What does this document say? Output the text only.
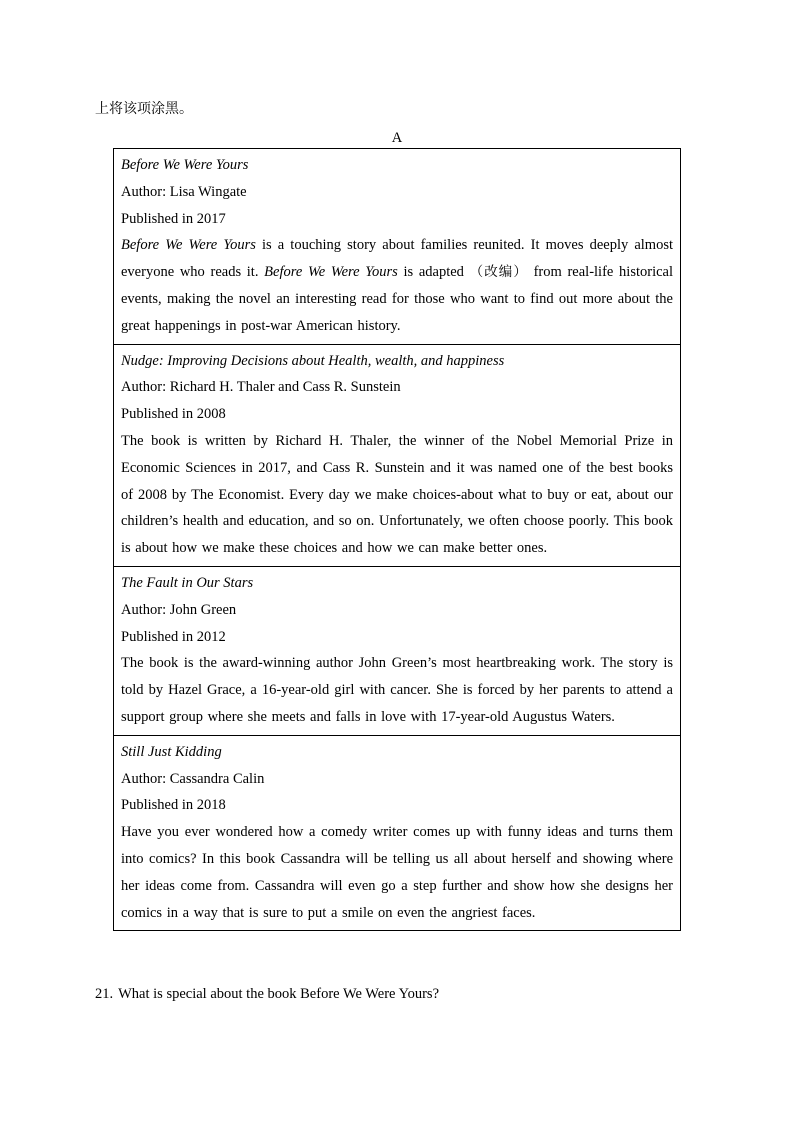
上将该项涂黑。
A
Before We Were Yours
Author: Lisa Wingate
Published in 2017
Before We Were Yours is a touching story about families reunited. It moves deeply almost everyone who reads it. Before We Were Yours is adapted （改编） from real-life historical events, making the novel an interesting read for those who want to find out more about the great happenings in post-war American history.
Nudge: Improving Decisions about Health, wealth, and happiness
Author: Richard H. Thaler and Cass R. Sunstein
Published in 2008
The book is written by Richard H. Thaler, the winner of the Nobel Memorial Prize in Economic Sciences in 2017, and Cass R. Sunstein and it was named one of the best books of 2008 by The Economist. Every day we make choices-about what to buy or eat, about our children’s health and education, and so on. Unfortunately, we often choose poorly. This book is about how we make these choices and how we can make better ones.
The Fault in Our Stars
Author: John Green
Published in 2012
The book is the award-winning author John Green’s most heartbreaking work. The story is told by Hazel Grace, a 16-year-old girl with cancer. She is forced by her parents to attend a support group where she meets and falls in love with 17-year-old Augustus Waters.
Still Just Kidding
Author: Cassandra Calin
Published in 2018
Have you ever wondered how a comedy writer comes up with funny ideas and turns them into comics? In this book Cassandra will be telling us all about herself and showing where her ideas come from. Cassandra will even go a step further and show how she designs her comics in a way that is sure to put a smile on even the angriest faces.
21. What is special about the book Before We Were Yours?
